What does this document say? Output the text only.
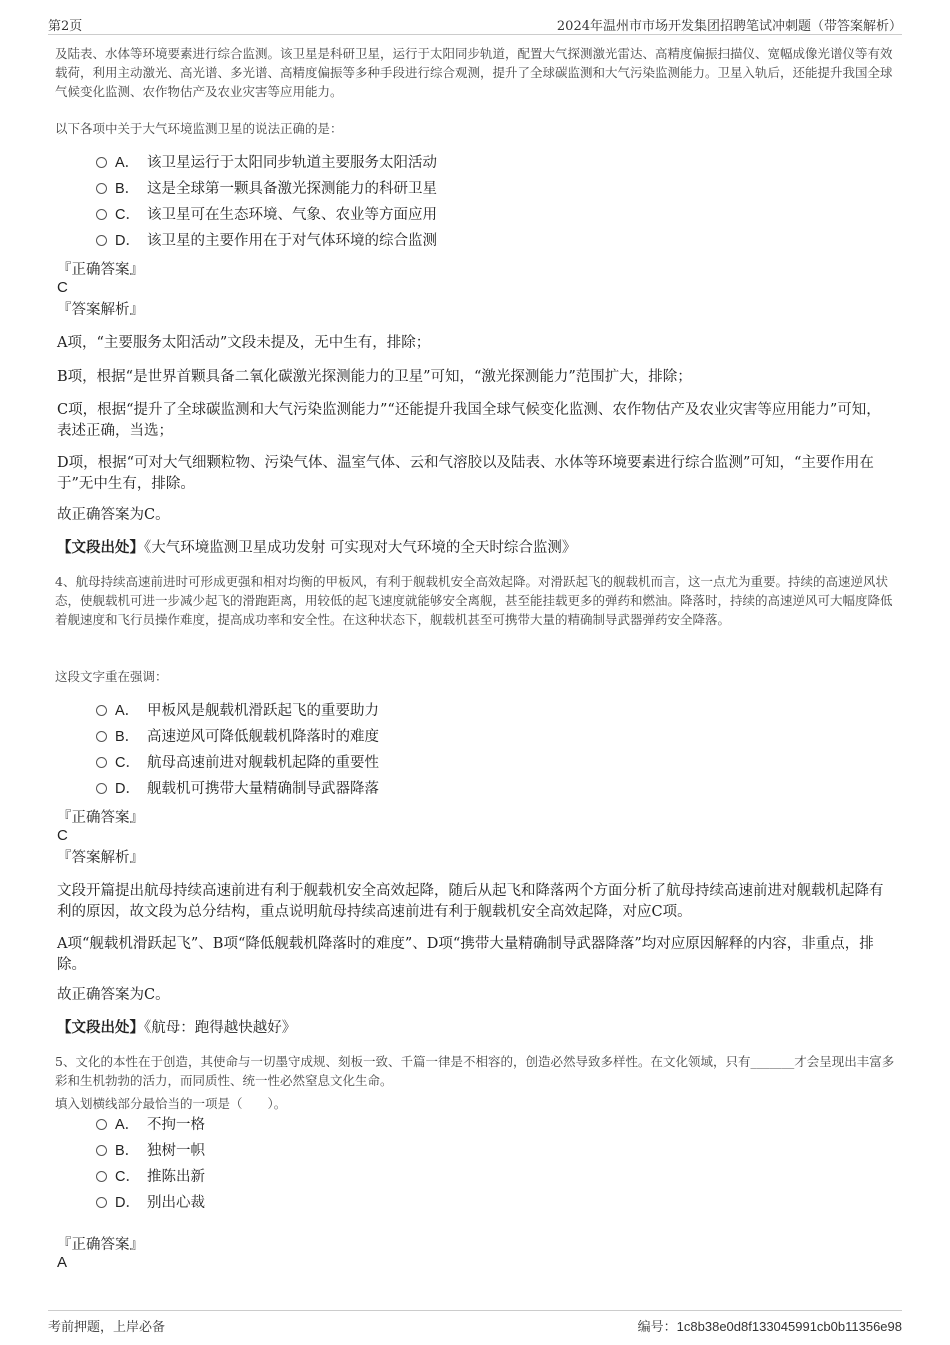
第2页	2024年温州市市场开发集团招聘笔试冲刺题（带答案解析）
及陆表、水体等环境要素进行综合监测。该卫星是科研卫星，运行于太阳同步轨道，配置大气探测激光雷达、高精度偏振扫描仪、宽幅成像光谱仪等有效载荷，利用主动激光、高光谱、多光谱、高精度偏振等多种手段进行综合观测，提升了全球碳监测和大气污染监测能力。卫星入轨后，还能提升我国全球气候变化监测、农作物估产及农业灾害等应用能力。
以下各项中关于大气环境监测卫星的说法正确的是：
A． 该卫星运行于太阳同步轨道主要服务太阳活动
B． 这是全球第一颗具备激光探测能力的科研卫星
C． 该卫星可在生态环境、气象、农业等方面应用
D． 该卫星的主要作用在于对气体环境的综合监测
『正确答案』
C
『答案解析』
A项，“主要服务太阳活动”文段未提及，无中生有，排除；
B项，根据“是世界首颗具备二氧化碳激光探测能力的卫星”可知，“激光探测能力”范围扩大，排除；
C项，根据“提升了全球碳监测和大气污染监测能力”“还能提升我国全球气候变化监测、农作物估产及农业灾害等应用能力”可知，表述正确，当选；
D项，根据“可对大气细颗粒物、污染气体、温室气体、云和气溶胶以及陆表、水体等环境要素进行综合监测”可知，“主要作用在于”无中生有，排除。
故正确答案为C。
【文段出处】《大气环境监测卫星成功发射 可实现对大气环境的全天时综合监测》
4、航母持续高速前进时可形成更强和相对均衡的甲板风，有利于舰载机安全高效起降。对滑跃起飞的舰载机而言，这一点尤为重要。持续的高速逆风状态，使舰载机可进一步减少起飞的滑跑距离，用较低的起飞速度就能够安全离舰，甚至能挂载更多的弹药和燃油。降落时，持续的高速逆风可大幅度降低着舰速度和飞行员操作难度，提高成功率和安全性。在这种状态下，舰载机甚至可携带大量的精确制导武器弹药安全降落。
这段文字重在强调：
A． 甲板风是舰载机滑跃起飞的重要助力
B． 高速逆风可降低舰载机降落时的难度
C． 航母高速前进对舰载机起降的重要性
D． 舰载机可携带大量精确制导武器降落
『正确答案』
C
『答案解析』
文段开篇提出航母持续高速前进有利于舰载机安全高效起降，随后从起飞和降落两个方面分析了航母持续高速前进对舰载机起降有利的原因，故文段为总分结构，重点说明航母持续高速前进有利于舰载机安全高效起降，对应C项。
A项“舰载机滑跃起飞”、B项“降低舰载机降落时的难度”、D项“携带大量精确制导武器降落”均对应原因解释的内容，非重点，排除。
故正确答案为C。
【文段出处】《航母：跑得越快越好》
5、文化的本性在于创造，其使命与一切墨守成规、刻板一致、千篇一律是不相容的，创造必然导致多样性。在文化领域，只有_______才会呈现出丰富多彩和生机勃勃的活力，而同质性、统一性必然窒息文化生命。
填入划横线部分最恰当的一项是（　　）。
A． 不拘一格
B． 独树一帜
C． 推陈出新
D． 别出心裁
『正确答案』
A
考前押题，上岸必备	编号：1c8b38e0d8f133045991cb0b11356e98
